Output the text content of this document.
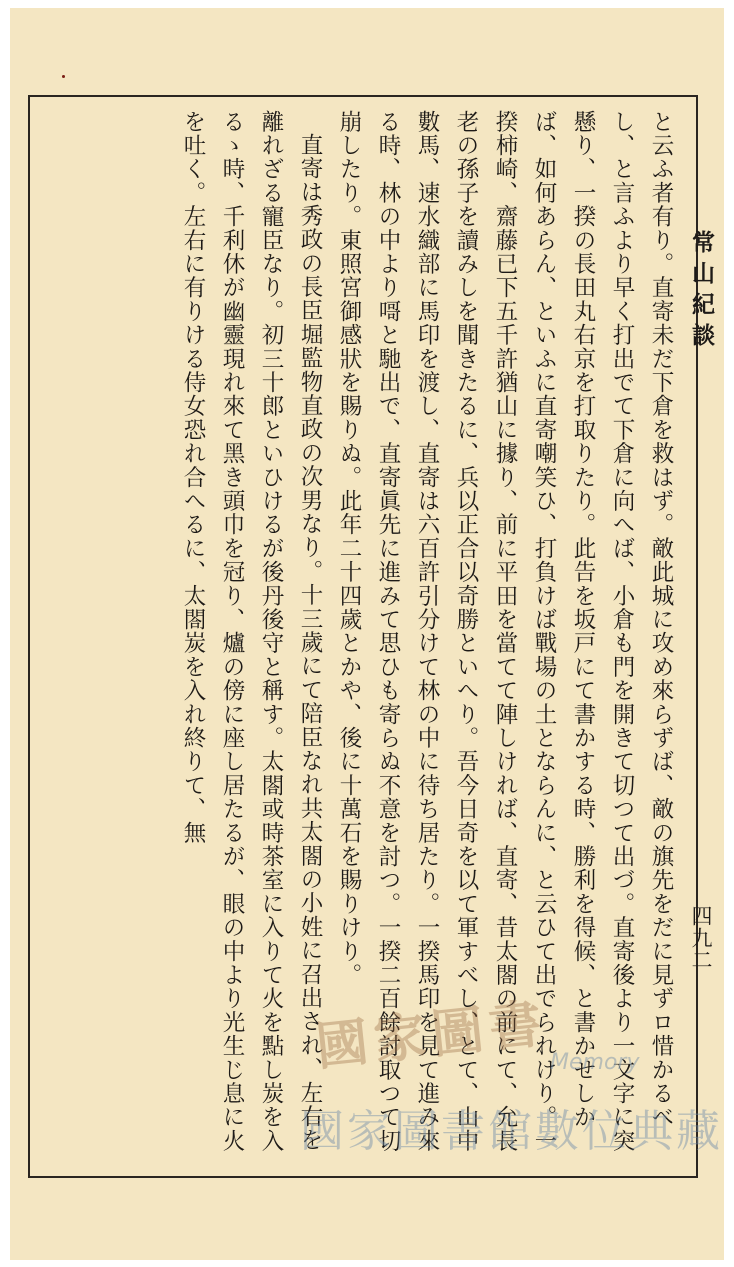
常山紀談
四九二

と云ふ者有り。直寄未だ下倉を救はず。敵此城に攻め來らずば、敵の旗先をだに見ずロ惜かるべし、と言ふより早く打出でて下倉に向へば、小倉も門を開きて切つて出づ。直寄後より一文字に突懸り、一揆の長田丸右京を打取りたり。此告を坂戸にて書かする時、勝利を得候、と書かせしかば、如何あらん、といふに直寄嘲笑ひ、打負けば戰場の土とならんに、と云ひて出でられけり。一揆柿崎、齋藤已下五千許猶山に據り、前に平田を當てて陣しければ、直寄、昔太閤の前にて、允長老の孫子を讀みしを聞きたるに、兵以正合以奇勝といへり。吾今日奇を以て軍すべし、とて、山中數馬、速水織部に馬印を渡し、直寄は六百許引分けて林の中に待ち居たり。一揆馬印を見て進み來る時、林の中より𠹭と馳出で、直寄眞先に進みて思ひも寄らぬ不意を討つ。一揆二百餘討取つて切崩したり。東照宮御感狀を賜りぬ。此年二十四歲とかや、後に十萬石を賜りけり。

直寄は秀政の長臣堀監物直政の次男なり。十三歲にて陪臣なれ共太閤の小姓に召出され、左右を離れざる寵臣なり。初三十郎といひけるが後丹後守と稱す。太閤或時茶室に入りて火を點し炭を入るゝ時、千利休が幽靈現れ來て黑き頭巾を冠り、爐の傍に座し居たるが、眼の中より光生じ息に火を吐く。左右に有りける侍女恐れ合へるに、太閤炭を入れ終りて、無

國家圖書 Memory
國家圖書館數位典藏
